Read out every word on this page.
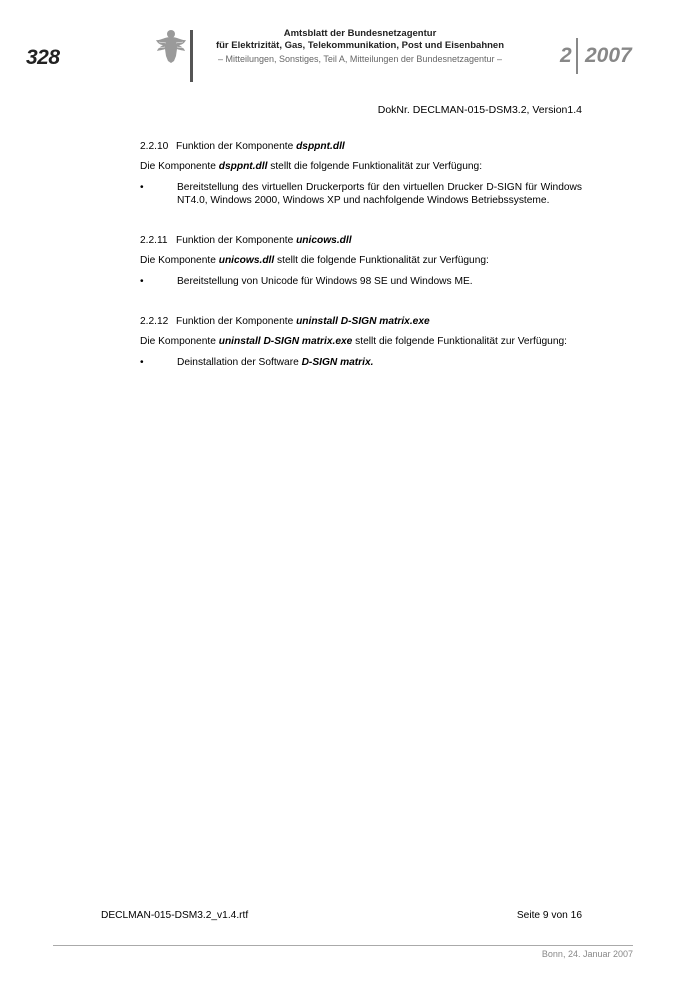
328
Amtsblatt der Bundesnetzagentur
für Elektrizität, Gas, Telekommunikation, Post und Eisenbahnen
– Mitteilungen, Sonstiges, Teil A, Mitteilungen der Bundesnetzagentur –	2 2007
DokNr. DECLMAN-015-DSM3.2, Version1.4

2.2.10 Funktion der Komponente dsppnt.dll

Die Komponente dsppnt.dll stellt die folgende Funktionalität zur Verfügung:

•	Bereitstellung des virtuellen Druckerports für den virtuellen Drucker D-SIGN für Windows NT4.0, Windows 2000, Windows XP und nachfolgende Windows Betriebssysteme.

2.2.11 Funktion der Komponente unicows.dll

Die Komponente unicows.dll stellt die folgende Funktionalität zur Verfügung:

•	Bereitstellung von Unicode für Windows 98 SE und Windows ME.

2.2.12 Funktion der Komponente uninstall D-SIGN matrix.exe

Die Komponente uninstall D-SIGN matrix.exe stellt die folgende Funktionalität zur Verfügung:

•	Deinstallation der Software D-SIGN matrix.
DECLMAN-015-DSM3.2_v1.4.rtf	Seite 9 von 16
Bonn, 24. Januar 2007
